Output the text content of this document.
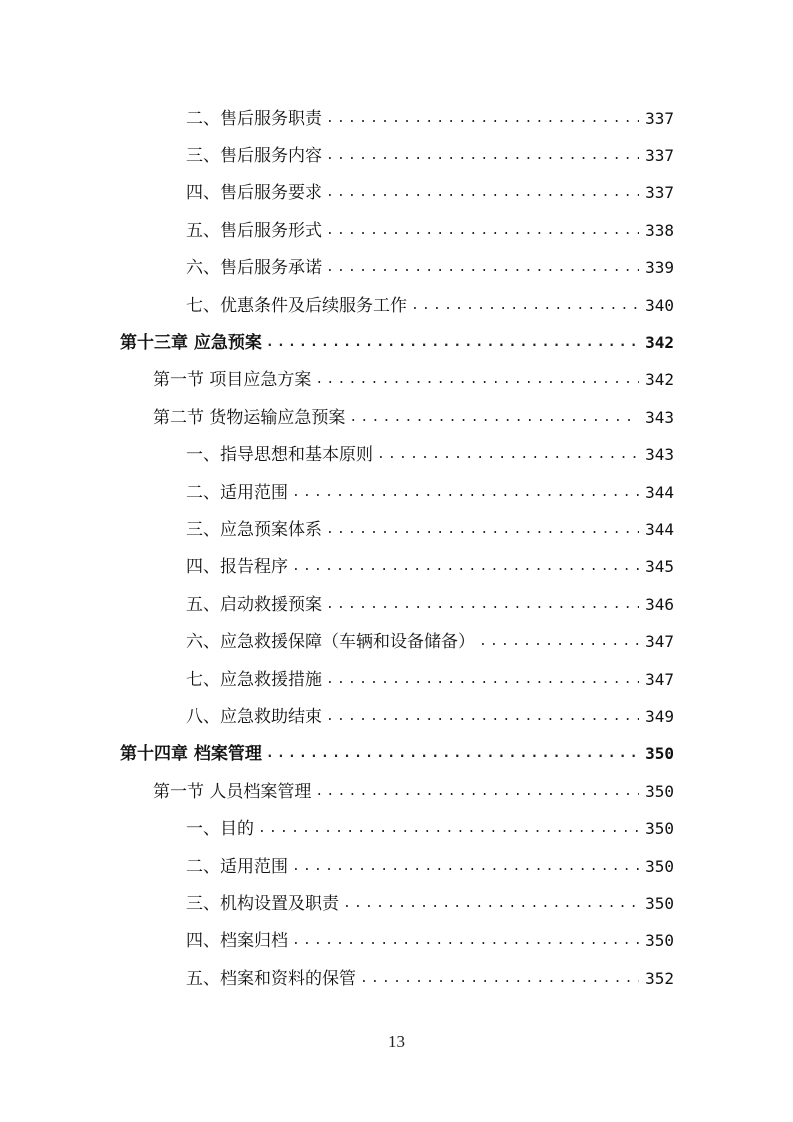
二、售后服务职责 .....	337
三、售后服务内容 .....	337
四、售后服务要求 .....	337
五、售后服务形式 .....	338
六、售后服务承诺 .....	339
七、优惠条件及后续服务工作 .....	340
第十三章 应急预案 .....	342
第一节 项目应急方案 .....	342
第二节 货物运输应急预案 .....	343
一、指导思想和基本原则 .....	343
二、适用范围 .....	344
三、应急预案体系 .....	344
四、报告程序 .....	345
五、启动救援预案 .....	346
六、应急救援保障（车辆和设备储备） .....	347
七、应急救援措施 .....	347
八、应急救助结束 .....	349
第十四章 档案管理 .....	350
第一节 人员档案管理 .....	350
一、目的 .....	350
二、适用范围 .....	350
三、机构设置及职责 .....	350
四、档案归档 .....	350
五、档案和资料的保管 .....	352
13
